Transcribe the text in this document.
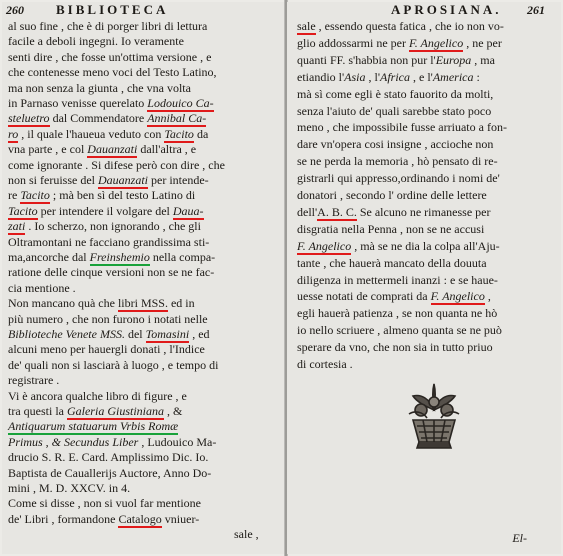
260 BIBLIOTECA
al suo fine , che è di porger libri di lettura
facile a deboli ingegni. Io veramente
senti dire , che fosse un'ottima versione , e
che contenesse meno voci del Testo Latino,
ma non senza la giunta , che vna volta
in Parnaso venisse querelato Lodouico Ca-
steluetro dal Commendatore Annibal Ca-
ro , il quale l'haueua veduto con Tacito da
vna parte , e col Dauanzati dall'altra , e
come ignorante . Si difese però con dire , che
non si feruisse del Dauanzati per intende-
re Tacito ; mà ben sì del testo Latino di
Tacito per intendere il volgare del Daua-
zati . Io scherzo, non ignorando , che gli
Oltramontani ne facciano grandissima sti-
ma,ancorche dal Freinshemio nella compa-
ratione delle cinque versioni non se ne fac-
cia mentione .
Non mancano quà che libri MSS. ed in
più numero , che non furono i notati nelle
Biblioteche Venete MSS. del Tomasini , ed
alcuni meno per hauergli donati , l'Indice
de' quali non si lasciarà à luogo , e tempo di
registrare .
Vi è ancora qualche libro di figure , e
tra questi la Galeria Giustiniana , &
Antiquarum statuarum Vrbis Romæ
Primus , & Secundus Liber , Ludouico Ma-
drucio S. R. E. Card. Amplissimo Dic. Io.
Baptista de Caualleriјs Auctore, Anno Do-
mini , M. D. XXCV. in 4.
Come si disse , non si vuol far mentione
de' Libri , formandone Catalogo vniuer-
sale ,
APROSIANA. 261
sale , essendo questa fatica , che io non vo-
glio addossarmi ne per F. Angelico , ne per
quanti FF. s'habbia non pur l'Europa , ma
etiandio l'Asia , l'Africa , e l'America :
mà sì come egli è stato fauorito da molti,
senza l'aiuto de' quali sarebbe stato poco
meno , che impossibile fusse arriuato a fon-
dare vn'opera cosi insigne , accioche non
se ne perda la memoria , hò pensato di re-
gistrarli qui appresso,ordinando i nomi de'
donatori , secondo l' ordine delle lettere
dell'A. B. C. Se alcuno ne rimanesse per
disgratia nella Penna , non se ne accusi
F. Angelico , mà se ne dia la colpa all'Aju-
tante , che hauerà mancato della douuta
diligenza in mettermeli inanzi : e se haue-
uesse notati de comprati da F. Angelico ,
egli hauerà patienza , se non quanta ne hò
io nello scriuere , almeno quanta se ne può
sperare da vno, che non sia in tutto priuo
di cortesia .
El-
